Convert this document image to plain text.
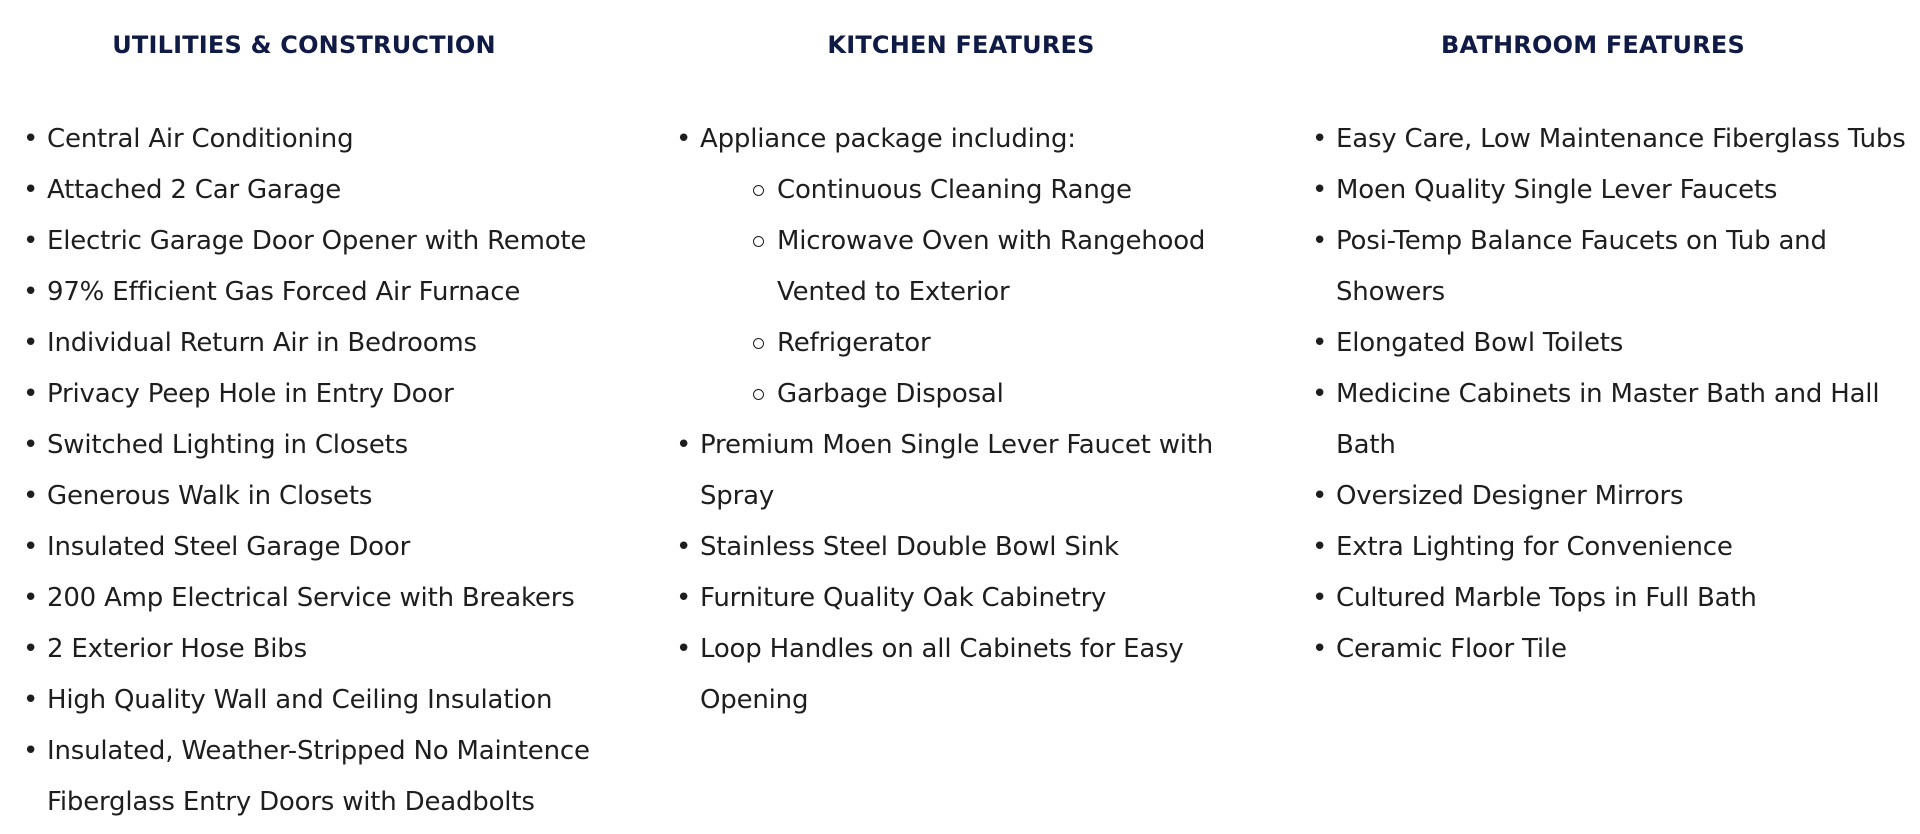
UTILITIES & CONSTRUCTION
• Central Air Conditioning
• Attached 2 Car Garage
• Electric Garage Door Opener with Remote
• 97% Efficient Gas Forced Air Furnace
• Individual Return Air in Bedrooms
• Privacy Peep Hole in Entry Door
• Switched Lighting in Closets
• Generous Walk in Closets
• Insulated Steel Garage Door
• 200 Amp Electrical Service with Breakers
• 2 Exterior Hose Bibs
• High Quality Wall and Ceiling Insulation
• Insulated, Weather-Stripped No Maintence Fiberglass Entry Doors with Deadbolts
KITCHEN FEATURES
• Appliance package including:
Continuous Cleaning Range
Microwave Oven with Rangehood Vented to Exterior
Refrigerator
Garbage Disposal
• Premium Moen Single Lever Faucet with Spray
• Stainless Steel Double Bowl Sink
• Furniture Quality Oak Cabinetry
• Loop Handles on all Cabinets for Easy Opening
BATHROOM FEATURES
• Easy Care, Low Maintenance Fiberglass Tubs
• Moen Quality Single Lever Faucets
• Posi-Temp Balance Faucets on Tub and Showers
• Elongated Bowl Toilets
• Medicine Cabinets in Master Bath and Hall Bath
• Oversized Designer Mirrors
• Extra Lighting for Convenience
• Cultured Marble Tops in Full Bath
• Ceramic Floor Tile
